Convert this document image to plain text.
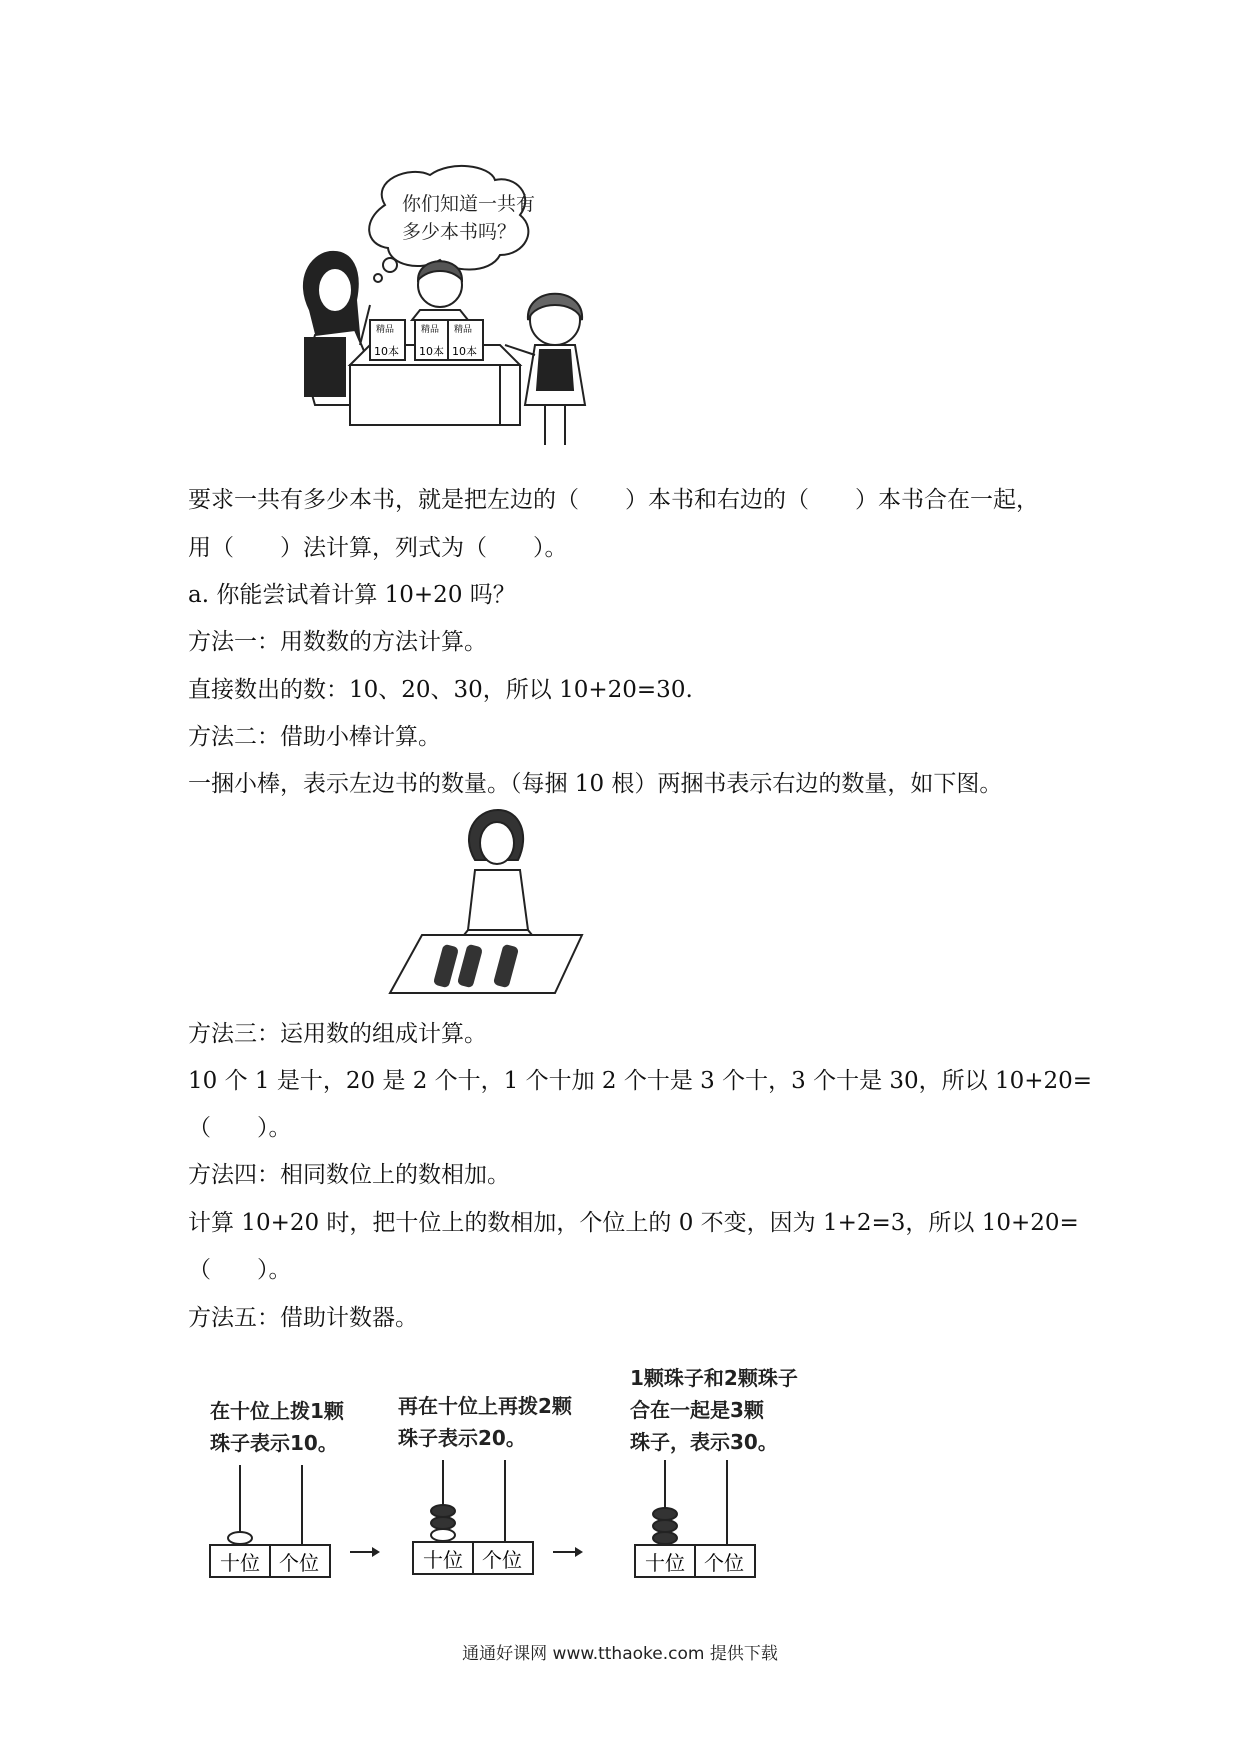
你们知道一共有
多少本书吗？
精品
10本
精品
10本
精品
10本
要求一共有多少本书，就是把左边的（　　）本书和右边的（　　）本书合在一起，
用（　　）法计算，列式为（　　）。
a. 你能尝试着计算 10+20 吗？
方法一：用数数的方法计算。
直接数出的数：10、20、30，所以 10+20=30.
方法二：借助小棒计算。
一捆小棒，表示左边书的数量。（每捆 10 根）两捆书表示右边的数量，如下图。
方法三：运用数的组成计算。
10 个 1 是十，20 是 2 个十，1 个十加 2 个十是 3 个十，3 个十是 30，所以 10+20=
（　　）。
方法四：相同数位上的数相加。
计算 10+20 时，把十位上的数相加，个位上的 0 不变，因为 1+2=3，所以 10+20=
（　　）。
方法五：借助计数器。
在十位上拨1颗
珠子表示10。
再在十位上再拨2颗
珠子表示20。
1颗珠子和2颗珠子
合在一起是3颗
珠子，表示30。
十位 个位	十位 个位	十位 个位
通通好课网 www.tthaoke.com 提供下载
